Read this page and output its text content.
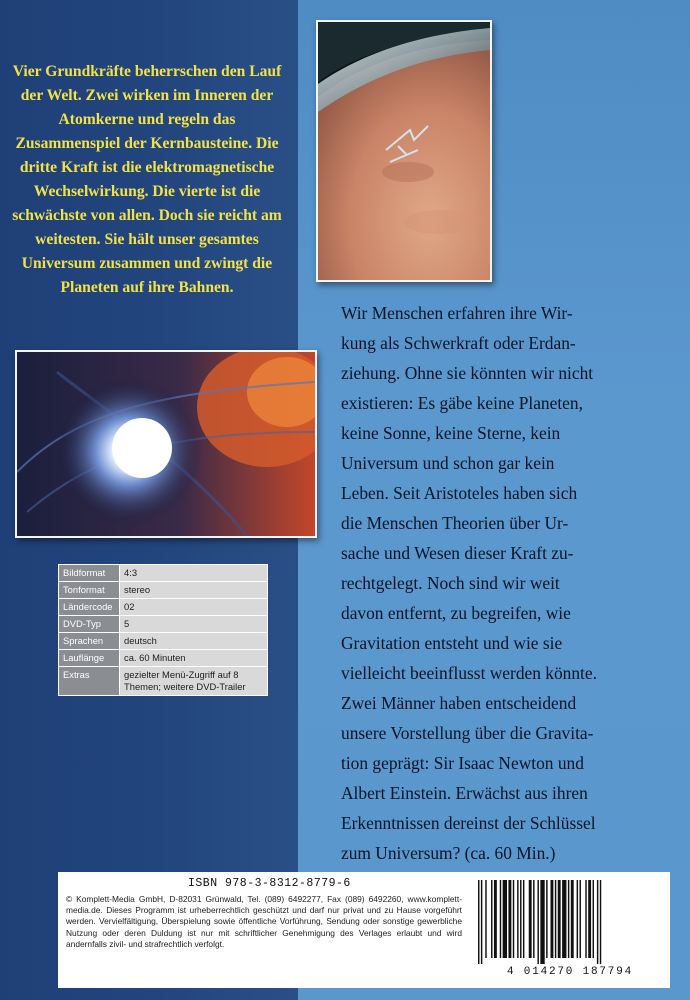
Vier Grundkräfte beherrschen den Lauf der Welt. Zwei wirken im Inneren der Atomkerne und regeln das Zusammenspiel der Kernbausteine. Die dritte Kraft ist die elektromagnetische Wechselwirkung. Die vierte ist die schwächste von allen. Doch sie reicht am weitesten. Sie hält unser gesamtes Universum zusammen und zwingt die Planeten auf ihre Bahnen.

Wir Menschen erfahren ihre Wir-
kung als Schwerkraft oder Erdan-
ziehung. Ohne sie könnten wir nicht
existieren: Es gäbe keine Planeten,
keine Sonne, keine Sterne, kein
Universum und schon gar kein
Leben. Seit Aristoteles haben sich
die Menschen Theorien über Ur-
sache und Wesen dieser Kraft zu-
rechtgelegt. Noch sind wir weit
davon entfernt, zu begreifen, wie
Gravitation entsteht und wie sie
vielleicht beeinflusst werden könnte.
Zwei Männer haben entscheidend
unsere Vorstellung über die Gravita-
tion geprägt: Sir Isaac Newton und
Albert Einstein. Erwächst aus ihren
Erkenntnissen dereinst der Schlüssel
zum Universum? (ca. 60 Min.)

Bildformat	4:3
Tonformat	stereo
Ländercode	02
DVD-Typ	5
Sprachen	deutsch
Lauflänge	ca. 60 Minuten
Extras	gezielter Menü-Zugriff auf 8 Themen; weitere DVD-Trailer

ISBN 978-3-8312-8779-6

© Komplett-Media GmbH, D-82031 Grünwald, Tel. (089) 6492277, Fax (089) 6492260, www.komplett-media.de. Dieses Programm ist urheberrechtlich geschützt und darf nur privat und zu Hause vorgeführt werden. Vervielfältigung, Überspielung sowie öffentliche Vorführung, Sendung oder sonstige gewerbliche Nutzung oder deren Duldung ist nur mit schriftlicher Genehmigung des Verlages erlaubt und wird andernfalls zivil- und strafrechtlich verfolgt.

4 014270 187794
